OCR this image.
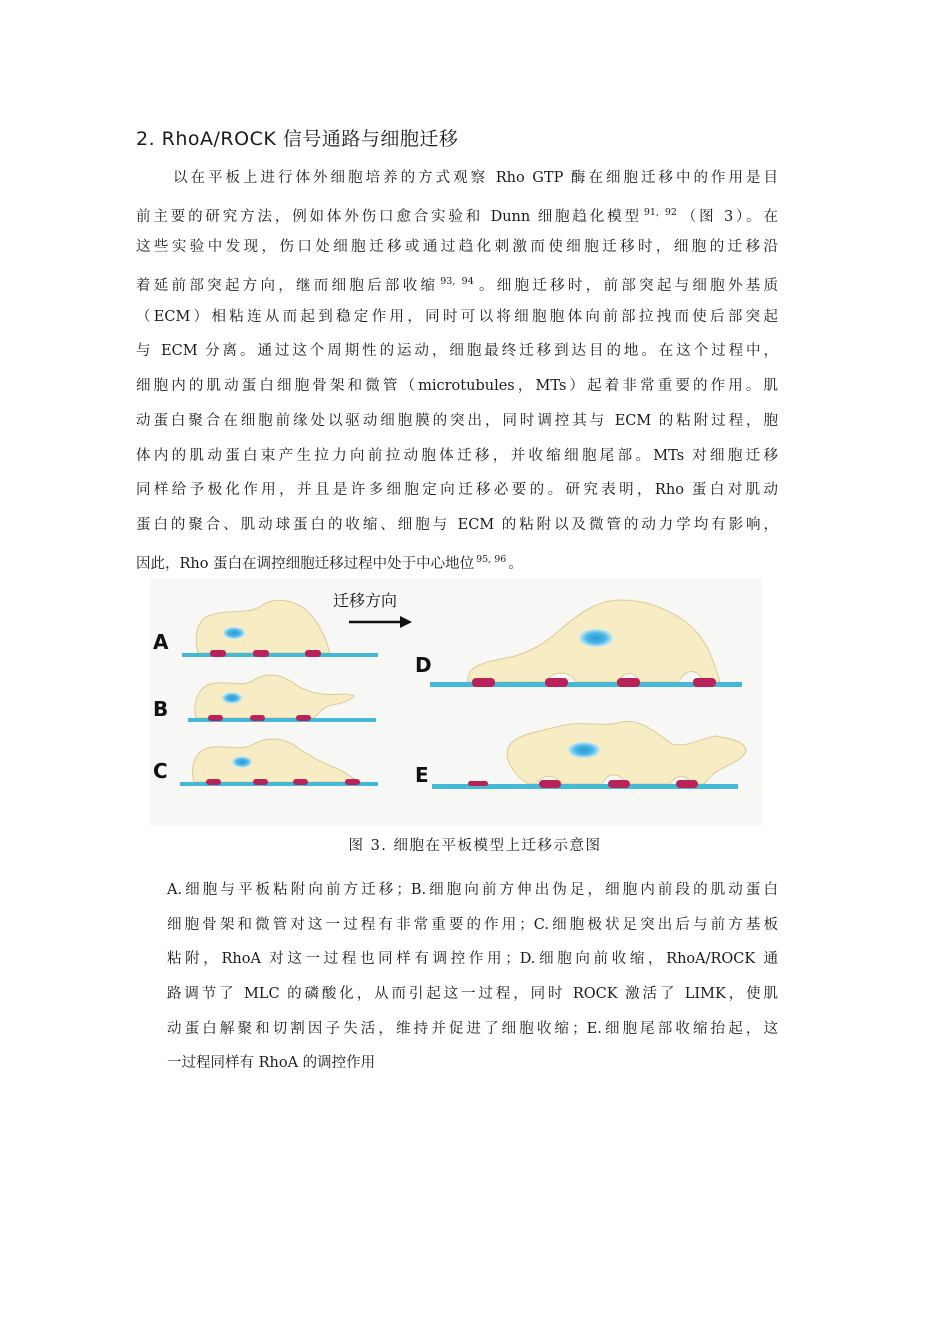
2. RhoA/ROCK 信号通路与细胞迁移
以在平板上进行体外细胞培养的方式观察 Rho GTP 酶在细胞迁移中的作用是目
前主要的研究方法，例如体外伤口愈合实验和 Dunn 细胞趋化模型 $^{91, 92}$ （图 3）。在
这些实验中发现，伤口处细胞迁移或通过趋化刺激而使细胞迁移时，细胞的迁移沿
着延前部突起方向，继而细胞后部收缩 $^{93, 94}$ 。细胞迁移时，前部突起与细胞外基质
（ECM）相粘连从而起到稳定作用，同时可以将细胞胞体向前部拉拽而使后部突起
与 ECM 分离。通过这个周期性的运动，细胞最终迁移到达目的地。在这个过程中，
细胞内的肌动蛋白细胞骨架和微管（microtubules，MTs）起着非常重要的作用。肌
动蛋白聚合在细胞前缘处以驱动细胞膜的突出，同时调控其与 ECM 的粘附过程，胞
体内的肌动蛋白束产生拉力向前拉动胞体迁移，并收缩细胞尾部。MTs 对细胞迁移
同样给予极化作用，并且是许多细胞定向迁移必要的。研究表明，Rho 蛋白对肌动
蛋白的聚合、肌动球蛋白的收缩、细胞与 ECM 的粘附以及微管的动力学均有影响，
因此，Rho 蛋白在调控细胞迁移过程中处于中心地位 $^{95, 96}$ 。
迁移方向
A
B
C
D
E
图 3. 细胞在平板模型上迁移示意图
A.细胞与平板粘附向前方迁移；B.细胞向前方伸出伪足，细胞内前段的肌动蛋白
细胞骨架和微管对这一过程有非常重要的作用；C.细胞极状足突出后与前方基板
粘附，RhoA 对这一过程也同样有调控作用；D.细胞向前收缩，RhoA/ROCK 通
路调节了 MLC 的磷酸化，从而引起这一过程，同时 ROCK 激活了 LIMK，使肌
动蛋白解聚和切割因子失活，维持并促进了细胞收缩；E.细胞尾部收缩抬起，这
一过程同样有 RhoA 的调控作用
